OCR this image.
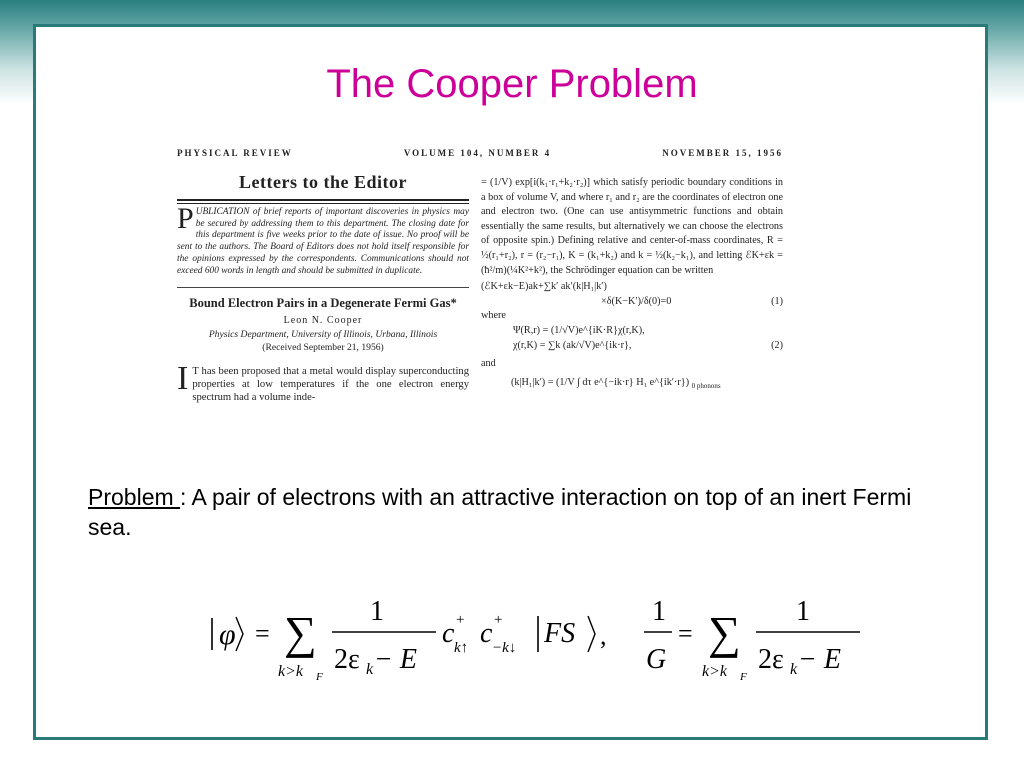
The Cooper Problem
PHYSICAL REVIEW	VOLUME 104, NUMBER 4	NOVEMBER 15, 1956
Letters to the Editor
P UBLICATION of brief reports of important discoveries in physics may be secured by addressing them to this department. The closing date for this department is five weeks prior to the date of issue. No proof will be sent to the authors. The Board of Editors does not hold itself responsible for the opinions expressed by the correspondents. Communications should not exceed 600 words in length and should be submitted in duplicate.
Bound Electron Pairs in a Degenerate Fermi Gas*
Leon N. Cooper
Physics Department, University of Illinois, Urbana, Illinois
(Received September 21, 1956)
I T has been proposed that a metal would display superconducting properties at low temperatures if the one electron energy spectrum had a volume inde-
= (1/V) exp[i(k₁·r₁+k₂·r₂)] which satisfy periodic boundary conditions in a box of volume V, and where r₁ and r₂ are the coordinates of electron one and electron two. (One can use antisymmetric functions and obtain essentially the same results, but alternatively we can choose the electrons of opposite spin.) Defining relative and center-of-mass coordinates, R = ½(r₁+r₂), r = (r₂−r₁), K = (k₁+k₂) and k = ½(k₂−k₁), and letting ℰK+εk = (ħ²/m)(¼K²+k²), the Schrödinger equation can be written
(ℰK+εk−E)ak+∑k′ ak′(k|H₁|k′)
×δ(K−K′)/δ(0)=0	(1)
where
Ψ(R,r) = (1/√V)e^{iK·R}χ(r,K),
χ(r,K) = ∑k (ak/√V)e^{ik·r},	(2)
and
(k|H₁|k′) = (1/V ∫ dτ e^{−ik·r} H₁ e^{ik′·r}) $_{0 phonons}$
Problem : A pair of electrons with an attractive interaction on top of an inert Fermi sea.
φ = ∑
k>k F
1
2ε k − E
c +
k↑ c +
−k↓ FS ,
1
G
= ∑
k>k F
1
2ε k − E
